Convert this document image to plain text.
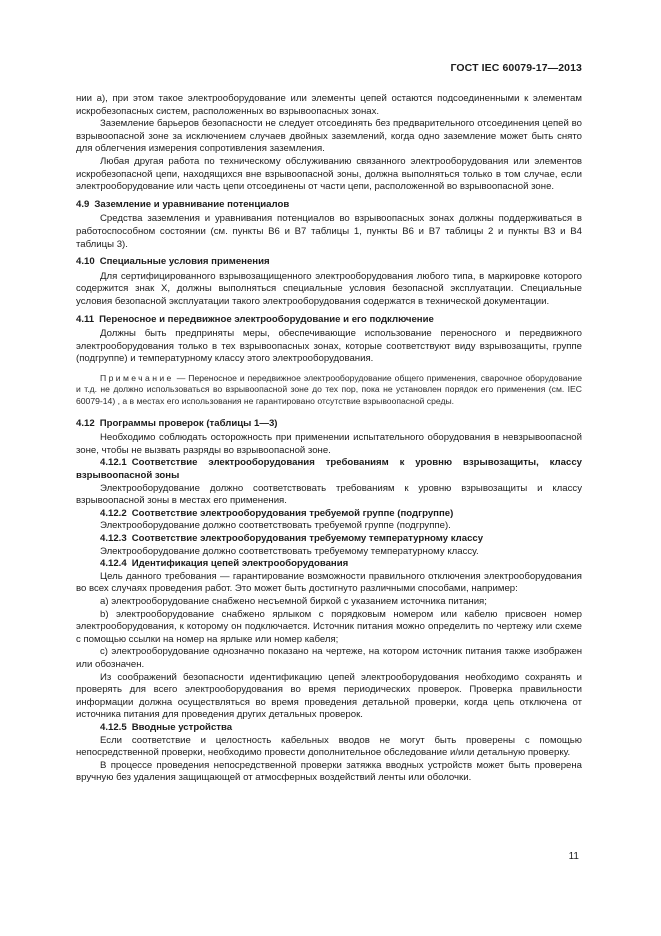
ГОСТ IEC 60079-17—2013

нии а), при этом такое электрооборудование или элементы цепей остаются подсоединенными к элементам искробезопасных систем, расположенных во взрывоопасных зонах.

Заземление барьеров безопасности не следует отсоединять без предварительного отсоединения цепей во взрывоопасной зоне за исключением случаев двойных заземлений, когда одно заземление может быть снято для облегчения измерения сопротивления заземления.

Любая другая работа по техническому обслуживанию связанного электрооборудования или элементов искробезопасной цепи, находящихся вне взрывоопасной зоны, должна выполняться только в том случае, если электрооборудование или часть цепи отсоединены от части цепи, расположенной во взрывоопасной зоне.

4.9 Заземление и уравнивание потенциалов

Средства заземления и уравнивания потенциалов во взрывоопасных зонах должны поддерживаться в работоспособном состоянии (см. пункты В6 и В7 таблицы 1, пункты В6 и В7 таблицы 2 и пункты В3 и В4 таблицы 3).

4.10 Специальные условия применения

Для сертифицированного взрывозащищенного электрооборудования любого типа, в маркировке которого содержится знак X, должны выполняться специальные условия безопасной эксплуатации. Специальные условия безопасной эксплуатации такого электрооборудования содержатся в технической документации.

4.11 Переносное и передвижное электрооборудование и его подключение

Должны быть предприняты меры, обеспечивающие использование переносного и передвижного электрооборудования только в тех взрывоопасных зонах, которые соответствуют виду взрывозащиты, группе (подгруппе) и температурному классу этого электрооборудования.

Примечание — Переносное и передвижное электрооборудование общего применения, сварочное оборудование и т.д. не должно использоваться во взрывоопасной зоне до тех пор, пока не установлен порядок его применения (см. IEC 60079-14) , а в местах его использования не гарантировано отсутствие взрывоопасной среды.

4.12 Программы проверок (таблицы 1—3)

Необходимо соблюдать осторожность при применении испытательного оборудования в невзрывоопасной зоне, чтобы не вызвать разряды во взрывоопасной зоне.

4.12.1 Соответствие электрооборудования требованиям к уровню взрывозащиты, классу взрывоопасной зоны

Электрооборудование должно соответствовать требованиям к уровню взрывозащиты и классу взрывоопасной зоны в местах его применения.

4.12.2 Соответствие электрооборудования требуемой группе (подгруппе)

Электрооборудование должно соответствовать требуемой группе (подгруппе).

4.12.3 Соответствие электрооборудования требуемому температурному классу

Электрооборудование должно соответствовать требуемому температурному классу.

4.12.4 Идентификация цепей электрооборудования

Цель данного требования — гарантирование возможности правильного отключения электрооборудования во всех случаях проведения работ. Это может быть достигнуто различными способами, например:

а) электрооборудование снабжено несъемной биркой с указанием источника питания;

b) электрооборудование снабжено ярлыком с порядковым номером или кабелю присвоен номер электрооборудования, к которому он подключается. Источник питания можно определить по чертежу или схеме с помощью ссылки на номер на ярлыке или номер кабеля;

с) электрооборудование однозначно показано на чертеже, на котором источник питания также изображен или обозначен.

Из соображений безопасности идентификацию цепей электрооборудования необходимо сохранять и проверять для всего электрооборудования во время периодических проверок. Проверка правильности информации должна осуществляться во время проведения детальной проверки, когда цепь отключена от источника питания для проведения других детальных проверок.

4.12.5 Вводные устройства

Если соответствие и целостность кабельных вводов не могут быть проверены с помощью непосредственной проверки, необходимо провести дополнительное обследование и/или детальную проверку.

В процессе проведения непосредственной проверки затяжка вводных устройств может быть проверена вручную без удаления защищающей от атмосферных воздействий ленты или оболочки.

11
